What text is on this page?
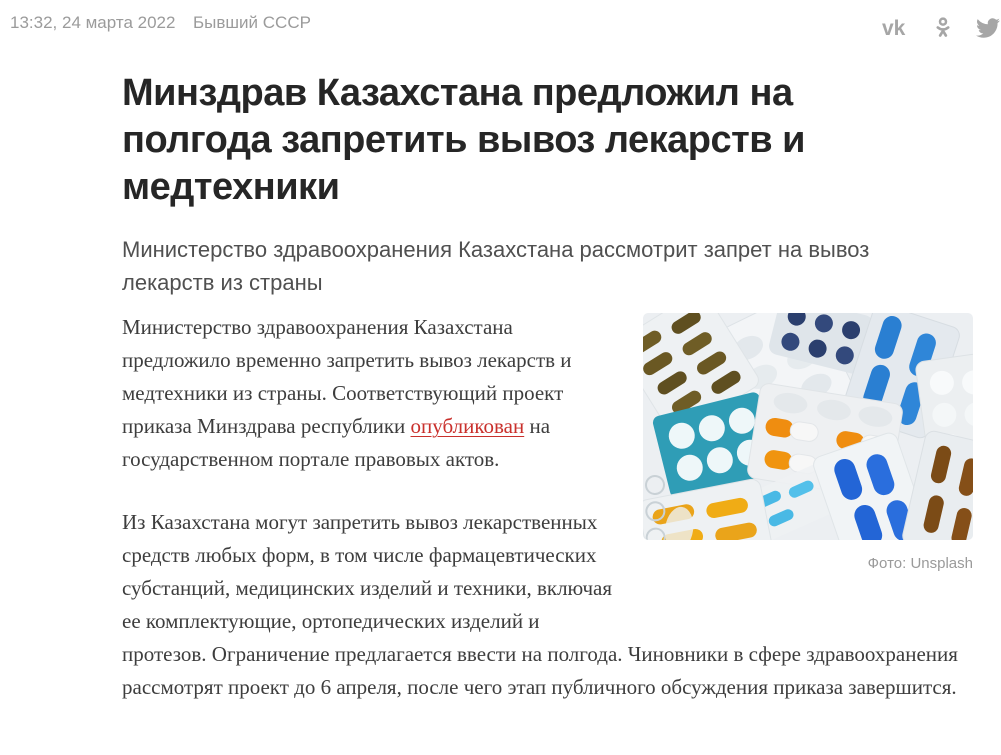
13:32, 24 марта 2022 Бывший СССР	vk
Минздрав Казахстана предложил на полгода запретить вывоз лекарств и медтехники
Министерство здравоохранения Казахстана рассмотрит запрет на вывоз лекарств из страны
Фото: Unsplash

Министерство здравоохранения Казахстана предложило временно запретить вывоз лекарств и медтехники из страны. Соответствующий проект приказа Минздрава республики опубликован на государственном портале правовых актов.

Из Казахстана могут запретить вывоз лекарственных средств любых форм, в том числе фармацевтических субстанций, медицинских изделий и техники, включая ее комплектующие, ортопедических изделий и протезов. Ограничение предлагается ввести на полгода. Чиновники в сфере здравоохранения рассмотрят проект до 6 апреля, после чего этап публичного обсуждения приказа завершится.
